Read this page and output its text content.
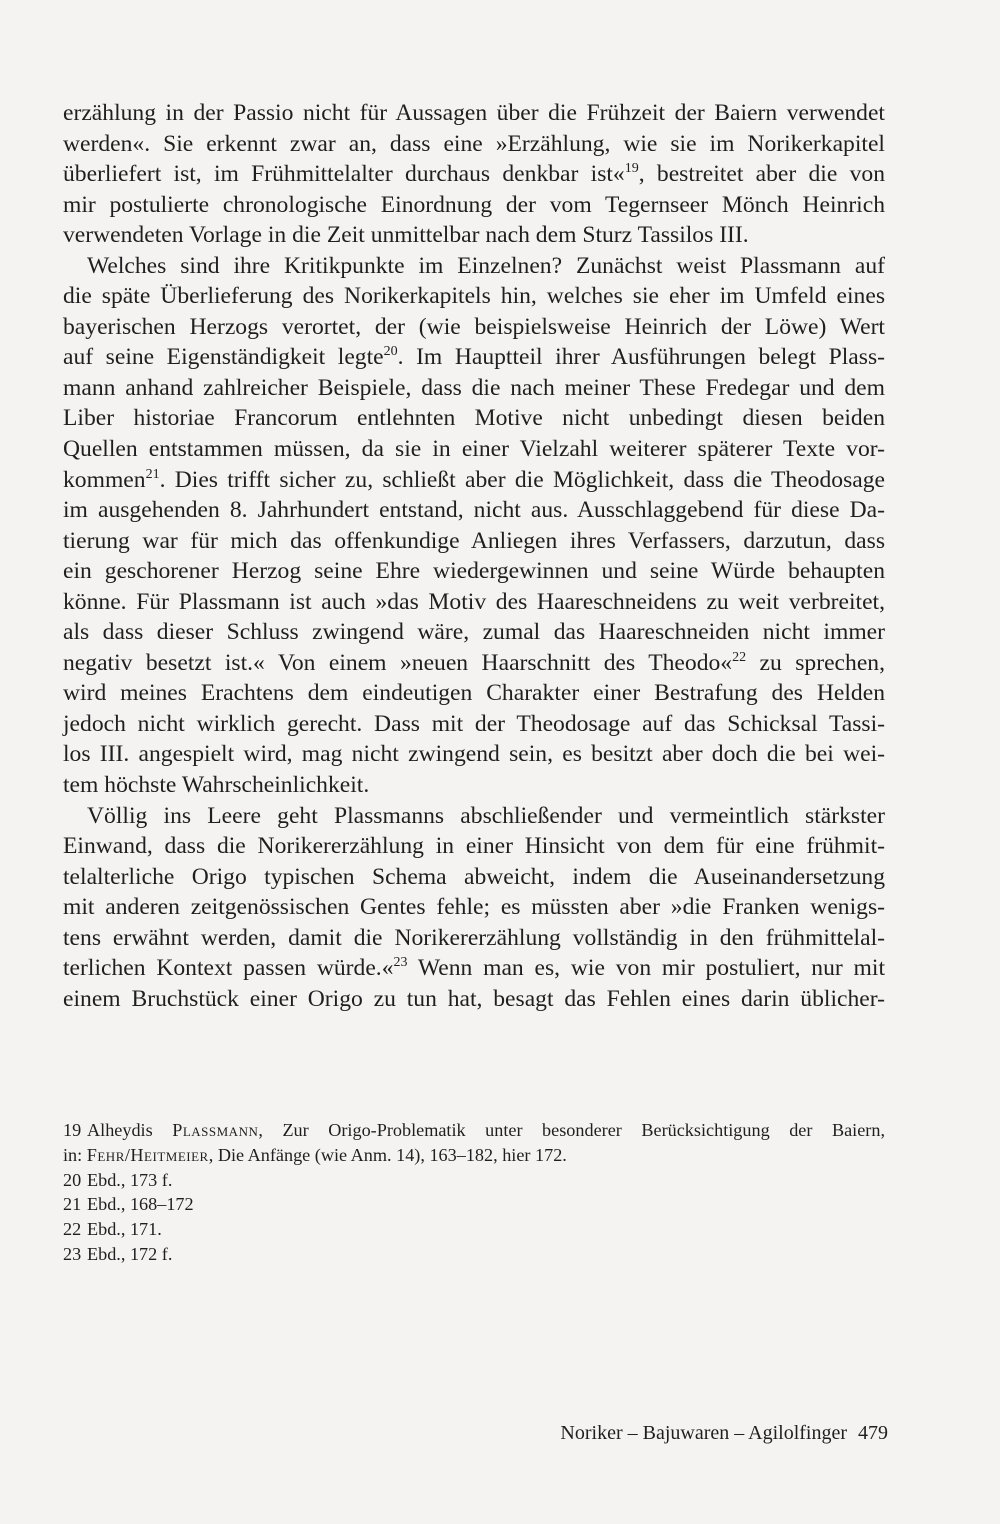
erzählung in der Passio nicht für Aussagen über die Frühzeit der Baiern verwendet
werden«. Sie erkennt zwar an, dass eine »Erzählung, wie sie im Norikerkapitel
überliefert ist, im Frühmittelalter durchaus denkbar ist«$^{19}$, bestreitet aber die von
mir postulierte chronologische Einordnung der vom Tegernseer Mönch Heinrich
verwendeten Vorlage in die Zeit unmittelbar nach dem Sturz Tassilos III.
Welches sind ihre Kritikpunkte im Einzelnen? Zunächst weist Plassmann auf
die späte Überlieferung des Norikerkapitels hin, welches sie eher im Umfeld eines
bayerischen Herzogs verortet, der (wie beispielsweise Heinrich der Löwe) Wert
auf seine Eigenständigkeit legte$^{20}$. Im Hauptteil ihrer Ausführungen belegt Plass-
mann anhand zahlreicher Beispiele, dass die nach meiner These Fredegar und dem
Liber historiae Francorum entlehnten Motive nicht unbedingt diesen beiden
Quellen entstammen müssen, da sie in einer Vielzahl weiterer späterer Texte vor-
kommen$^{21}$. Dies trifft sicher zu, schließt aber die Möglichkeit, dass die Theodosage
im ausgehenden 8. Jahrhundert entstand, nicht aus. Ausschlaggebend für diese Da-
tierung war für mich das offenkundige Anliegen ihres Verfassers, darzutun, dass
ein geschorener Herzog seine Ehre wiedergewinnen und seine Würde behaupten
könne. Für Plassmann ist auch »das Motiv des Haareschneidens zu weit verbreitet,
als dass dieser Schluss zwingend wäre, zumal das Haareschneiden nicht immer
negativ besetzt ist.« Von einem »neuen Haarschnitt des Theodo«$^{22}$ zu sprechen,
wird meines Erachtens dem eindeutigen Charakter einer Bestrafung des Helden
jedoch nicht wirklich gerecht. Dass mit der Theodosage auf das Schicksal Tassi-
los III. angespielt wird, mag nicht zwingend sein, es besitzt aber doch die bei wei-
tem höchste Wahrscheinlichkeit.
Völlig ins Leere geht Plassmanns abschließender und vermeintlich stärkster
Einwand, dass die Norikererzählung in einer Hinsicht von dem für eine frühmit-
telalterliche Origo typischen Schema abweicht, indem die Auseinandersetzung
mit anderen zeitgenössischen Gentes fehle; es müssten aber »die Franken wenigs-
tens erwähnt werden, damit die Norikererzählung vollständig in den frühmittelal-
terlichen Kontext passen würde.«$^{23}$ Wenn man es, wie von mir postuliert, nur mit
einem Bruchstück einer Origo zu tun hat, besagt das Fehlen eines darin üblicher-
19 Alheydis Plassmann, Zur Origo-Problematik unter besonderer Berücksichtigung der Baiern,
in: Fehr/Heitmeier, Die Anfänge (wie Anm. 14), 163–182, hier 172.
20 Ebd., 173 f.
21 Ebd., 168–172
22 Ebd., 171.
23 Ebd., 172 f.
Noriker – Bajuwaren – Agilolfinger 479
